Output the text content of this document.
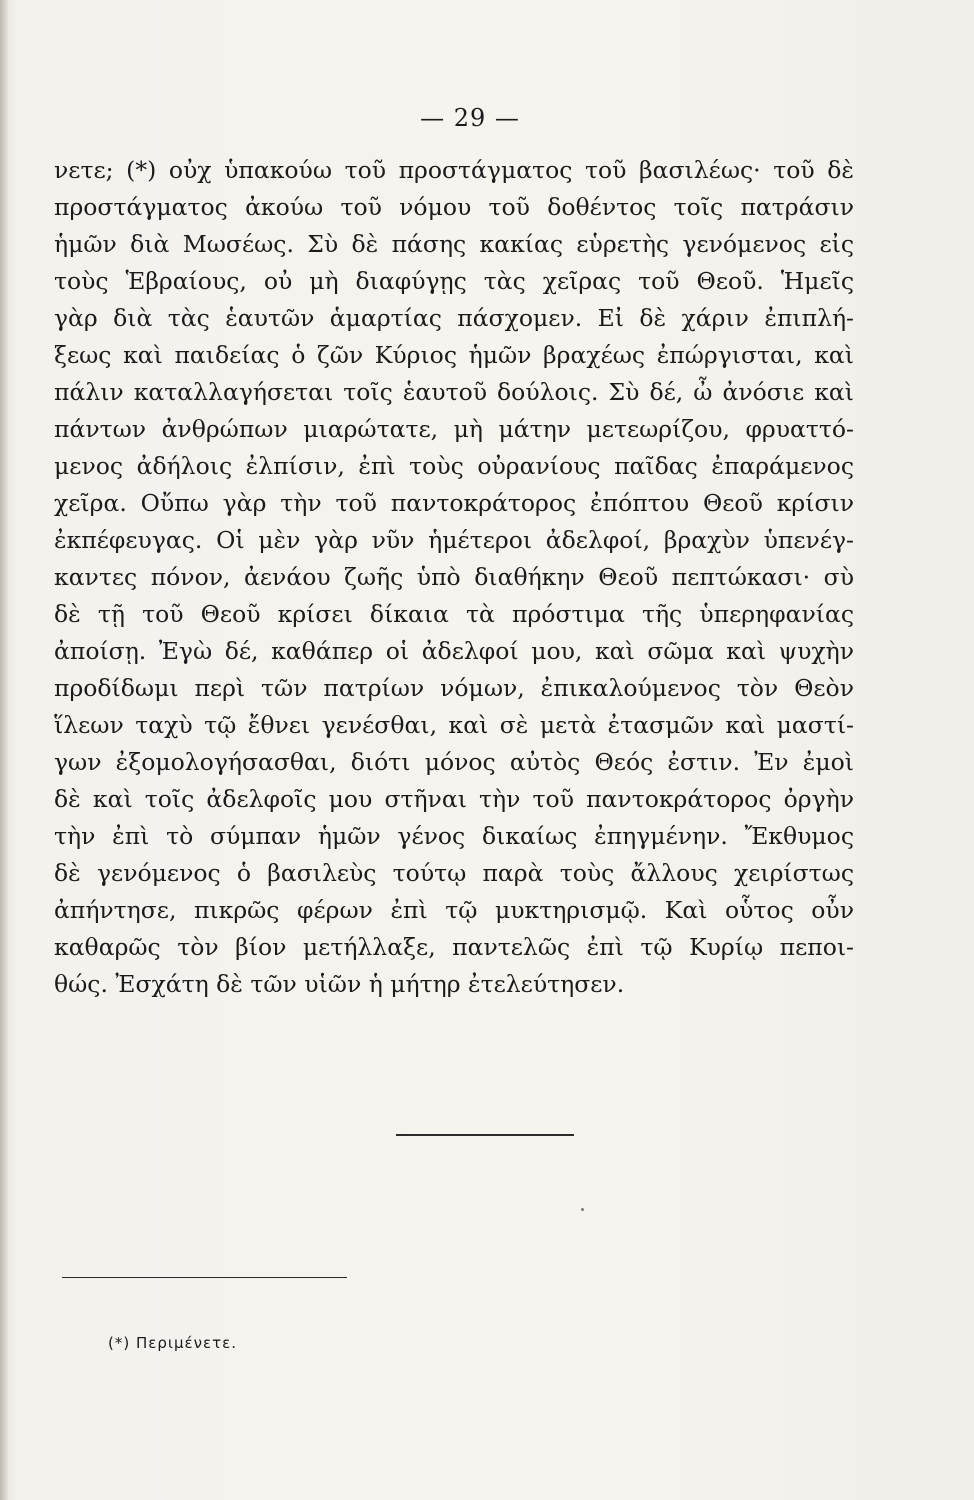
— 29 —
νετε; (*) οὐχ ὑπακούω τοῦ προστάγματος τοῦ βασιλέως· τοῦ δὲ
προστάγματος ἀκούω τοῦ νόμου τοῦ δοθέντος τοῖς πατράσιν
ἡμῶν διὰ Μωσέως. Σὺ δὲ πάσης κακίας εὑρετὴς γενόμενος εἰς
τοὺς Ἑβραίους, οὐ μὴ διαφύγῃς τὰς χεῖρας τοῦ Θεοῦ. Ἡμεῖς
γὰρ διὰ τὰς ἑαυτῶν ἁμαρτίας πάσχομεν. Εἰ δὲ χάριν ἐπιπλή-
ξεως καὶ παιδείας ὁ ζῶν Κύριος ἡμῶν βραχέως ἐπώργισται, καὶ
πάλιν καταλλαγήσεται τοῖς ἑαυτοῦ δούλοις. Σὺ δέ, ὦ ἀνόσιε καὶ
πάντων ἀνθρώπων μιαρώτατε, μὴ μάτην μετεωρίζου, φρυαττό-
μενος ἀδήλοις ἐλπίσιν, ἐπὶ τοὺς οὐρανίους παῖδας ἐπαράμενος
χεῖρα. Οὔπω γὰρ τὴν τοῦ παντοκράτορος ἐπόπτου Θεοῦ κρίσιν
ἐκπέφευγας. Οἱ μὲν γὰρ νῦν ἡμέτεροι ἀδελφοί, βραχὺν ὑπενέγ-
καντες πόνον, ἀενάου ζωῆς ὑπὸ διαθήκην Θεοῦ πεπτώκασι· σὺ
δὲ τῇ τοῦ Θεοῦ κρίσει δίκαια τὰ πρόστιμα τῆς ὑπερηφανίας
ἀποίσῃ. Ἐγὼ δέ, καθάπερ οἱ ἀδελφοί μου, καὶ σῶμα καὶ ψυχὴν
προδίδωμι περὶ τῶν πατρίων νόμων, ἐπικαλούμενος τὸν Θεὸν
ἵλεων ταχὺ τῷ ἔθνει γενέσθαι, καὶ σὲ μετὰ ἐτασμῶν καὶ μαστί-
γων ἐξομολογήσασθαι, διότι μόνος αὐτὸς Θεός ἐστιν. Ἐν ἐμοὶ
δὲ καὶ τοῖς ἀδελφοῖς μου στῆναι τὴν τοῦ παντοκράτορος ὀργὴν
τὴν ἐπὶ τὸ σύμπαν ἡμῶν γένος δικαίως ἐπηγμένην. Ἔκθυμος
δὲ γενόμενος ὁ βασιλεὺς τούτῳ παρὰ τοὺς ἄλλους χειρίστως
ἀπήντησε, πικρῶς φέρων ἐπὶ τῷ μυκτηρισμῷ. Καὶ οὗτος οὖν
καθαρῶς τὸν βίον μετήλλαξε, παντελῶς ἐπὶ τῷ Κυρίῳ πεποι-
θώς. Ἐσχάτη δὲ τῶν υἱῶν ἡ μήτηρ ἐτελεύτησεν.
(*) Περιμένετε.
